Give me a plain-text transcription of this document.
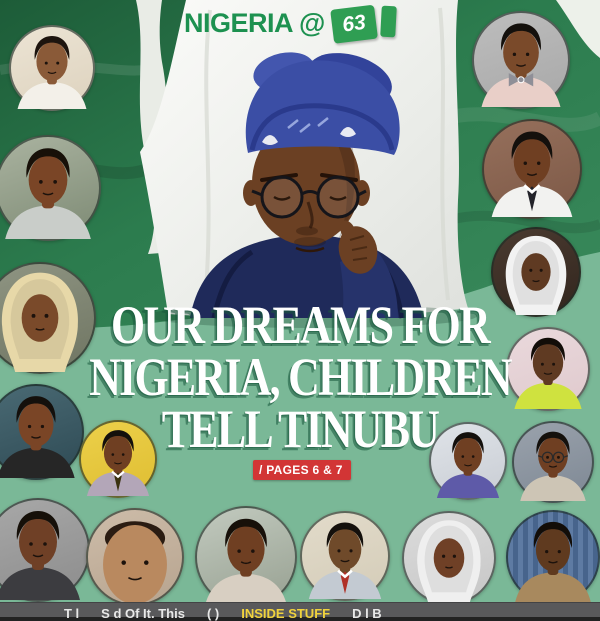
NIGERIA @ 63
OUR DREAMS FOR
NIGERIA, CHILDREN
TELL TINUBU
/ PAGES 6 & 7
T l S d Of It. This ( ) INSIDE STUFF D l B
